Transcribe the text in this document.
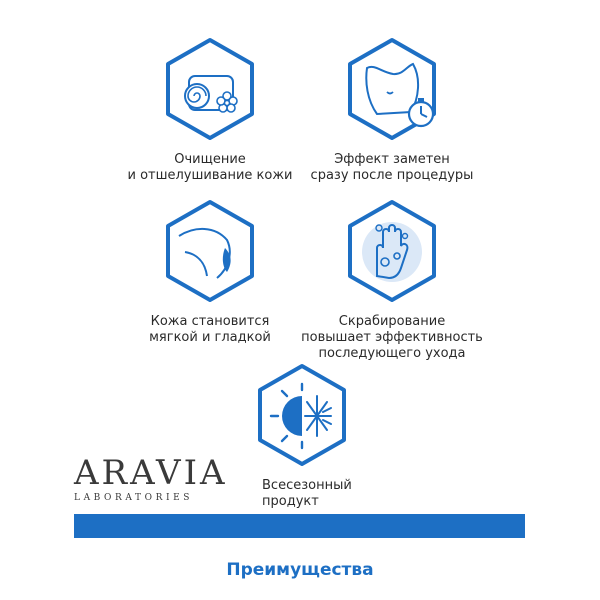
Очищение
и отшелушивание кожи
Эффект заметен
сразу после процедуры
Кожа становится
мягкой и гладкой
Скрабирование
повышает эффективность
последующего ухода
Всесезонный
продукт
ARAVIA
LABORATORIES
Преимущества
